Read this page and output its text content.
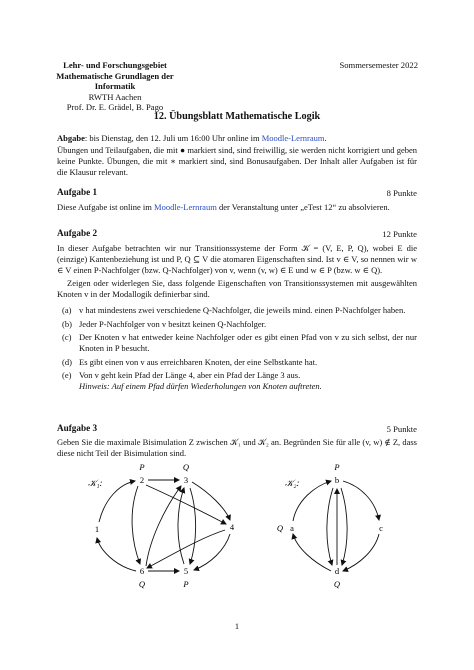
Lehr- und Forschungsgebiet
Mathematische Grundlagen der Informatik
RWTH Aachen
Prof. Dr. E. Grädel, B. Pago
Sommersemester 2022
12. Übungsblatt Mathematische Logik
Abgabe: bis Dienstag, den 12. Juli um 16:00 Uhr online im Moodle-Lernraum.
Übungen und Teilaufgaben, die mit ● markiert sind, sind freiwillig, sie werden nicht korrigiert und geben keine Punkte. Übungen, die mit ∗ markiert sind, sind Bonusaufgaben. Der Inhalt aller Aufgaben ist für die Klausur relevant.
Aufgabe 1	8 Punkte
Diese Aufgabe ist online im Moodle-Lernraum der Veranstaltung unter „eTest 12“ zu absolvieren.
Aufgabe 2	12 Punkte
In dieser Aufgabe betrachten wir nur Transitionssysteme der Form 𝒦 = (V, E, P, Q), wobei E die (einzige) Kantenbeziehung ist und P, Q ⊆ V die atomaren Eigenschaften sind. Ist v ∈ V, so nennen wir w ∈ V einen P-Nachfolger (bzw. Q-Nachfolger) von v, wenn (v, w) ∈ E und w ∈ P (bzw. w ∈ Q).
Zeigen oder widerlegen Sie, dass folgende Eigenschaften von Transitionssystemen mit ausgewählten Knoten v in der Modallogik definierbar sind.
(a) v hat mindestens zwei verschiedene Q-Nachfolger, die jeweils mind. einen P-Nachfolger haben.
(b) Jeder P-Nachfolger von v besitzt keinen Q-Nachfolger.
(c) Der Knoten v hat entweder keine Nachfolger oder es gibt einen Pfad von v zu sich selbst, der nur Knoten in P besucht.
(d) Es gibt einen von v aus erreichbaren Knoten, der eine Selbstkante hat.
(e) Von v geht kein Pfad der Länge 4, aber ein Pfad der Länge 3 aus.
Hinweis: Auf einem Pfad dürfen Wiederholungen von Knoten auftreten.
Aufgabe 3	5 Punkte
Geben Sie die maximale Bisimulation Z zwischen 𝒦₁ und 𝒦₂ an. Begründen Sie für alle (v, w) ∉ Z, dass diese nicht Teil der Bisimulation sind.
𝒦₁:
1
2
P
3
Q
4
5
P
6
Q
𝒦₂:
a
Q
b
P
c
d
Q
1
